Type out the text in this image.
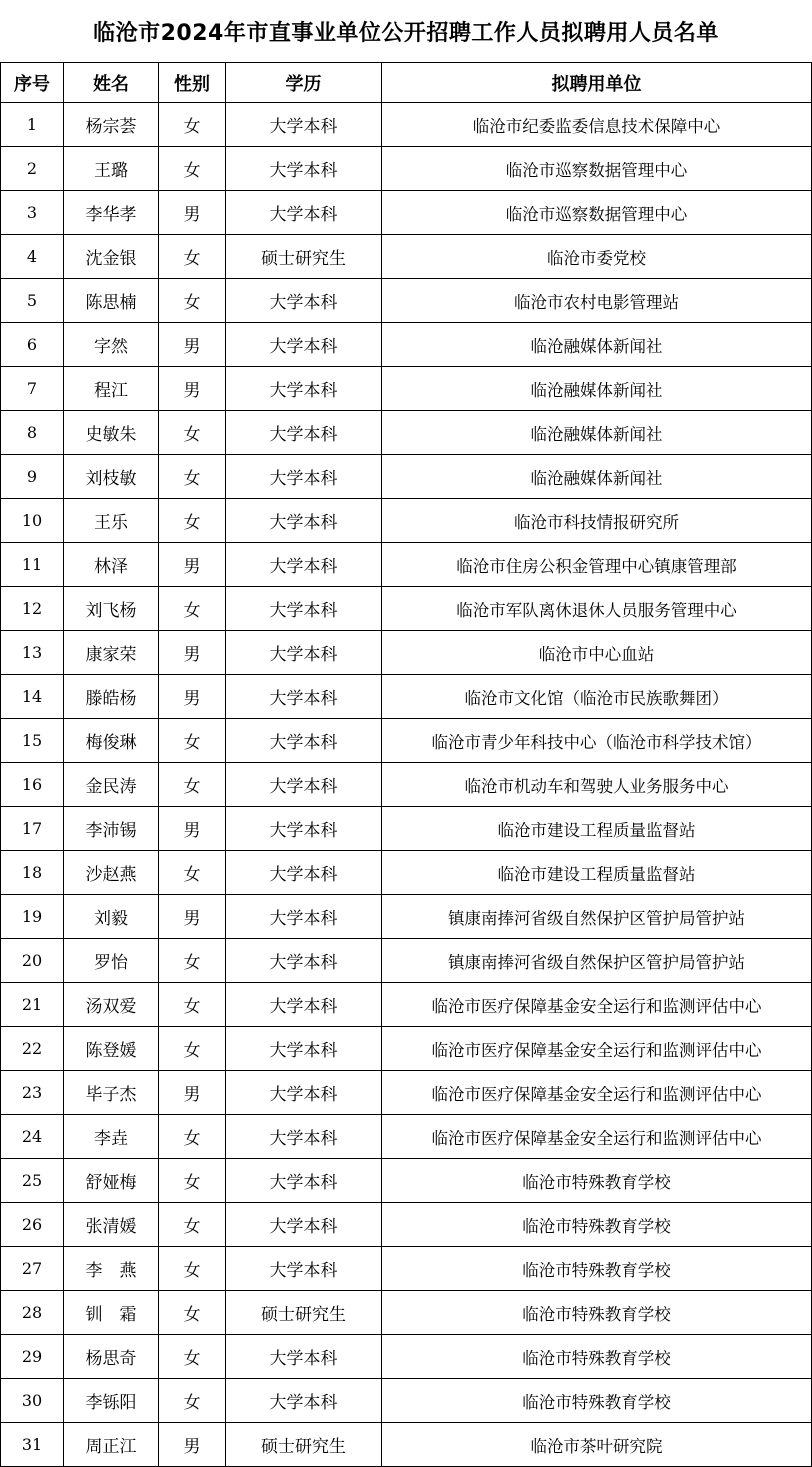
临沧市2024年市直事业单位公开招聘工作人员拟聘用人员名单
序号	姓名	性别	学历	拟聘用单位
1	杨宗荟	女	大学本科	临沧市纪委监委信息技术保障中心
2	王璐	女	大学本科	临沧市巡察数据管理中心
3	李华孝	男	大学本科	临沧市巡察数据管理中心
4	沈金银	女	硕士研究生	临沧市委党校
5	陈思楠	女	大学本科	临沧市农村电影管理站
6	字然	男	大学本科	临沧融媒体新闻社
7	程江	男	大学本科	临沧融媒体新闻社
8	史敏朱	女	大学本科	临沧融媒体新闻社
9	刘枝敏	女	大学本科	临沧融媒体新闻社
10	王乐	女	大学本科	临沧市科技情报研究所
11	林泽	男	大学本科	临沧市住房公积金管理中心镇康管理部
12	刘飞杨	女	大学本科	临沧市军队离休退休人员服务管理中心
13	康家荣	男	大学本科	临沧市中心血站
14	滕皓杨	男	大学本科	临沧市文化馆（临沧市民族歌舞团）
15	梅俊琳	女	大学本科	临沧市青少年科技中心（临沧市科学技术馆）
16	金民涛	女	大学本科	临沧市机动车和驾驶人业务服务中心
17	李沛锡	男	大学本科	临沧市建设工程质量监督站
18	沙赵燕	女	大学本科	临沧市建设工程质量监督站
19	刘毅	男	大学本科	镇康南捧河省级自然保护区管护局管护站
20	罗怡	女	大学本科	镇康南捧河省级自然保护区管护局管护站
21	汤双爱	女	大学本科	临沧市医疗保障基金安全运行和监测评估中心
22	陈登媛	女	大学本科	临沧市医疗保障基金安全运行和监测评估中心
23	毕子杰	男	大学本科	临沧市医疗保障基金安全运行和监测评估中心
24	李垚	女	大学本科	临沧市医疗保障基金安全运行和监测评估中心
25	舒娅梅	女	大学本科	临沧市特殊教育学校
26	张清媛	女	大学本科	临沧市特殊教育学校
27	李　燕	女	大学本科	临沧市特殊教育学校
28	钏　霜	女	硕士研究生	临沧市特殊教育学校
29	杨思奇	女	大学本科	临沧市特殊教育学校
30	李铄阳	女	大学本科	临沧市特殊教育学校
31	周正江	男	硕士研究生	临沧市茶叶研究院
